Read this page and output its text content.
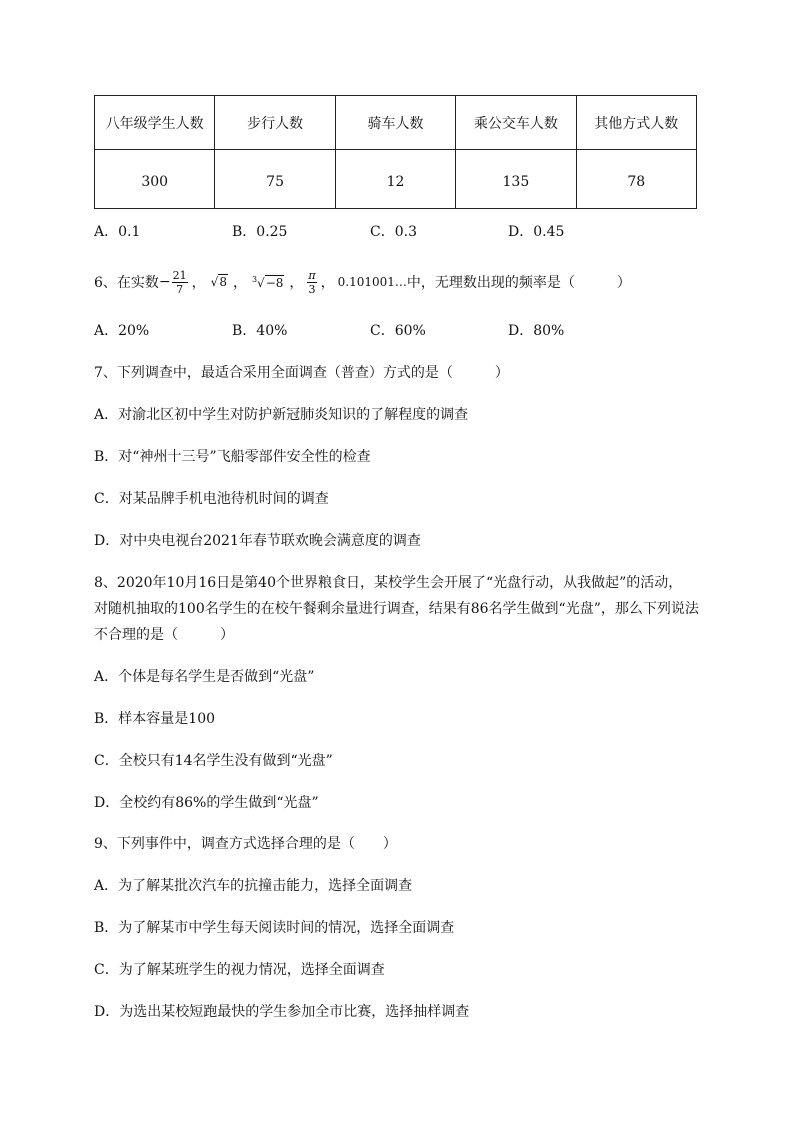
八年级学生人数	步行人数	骑车人数	乘公交车人数	其他方式人数
300	75	12	135	78
A．0.1	B．0.25	C．0.3	D．0.45
6、在实数 − $\frac{21}{7}$ ， √8 ， $^3$√−8 ， $\frac{\pi}{3}$ ， 0.101001… 中，无理数出现的频率是（　　　）
A．20%	B．40%	C．60%	D．80%
7、下列调查中，最适合采用全面调查（普查）方式的是（　　　）
A．对渝北区初中学生对防护新冠肺炎知识的了解程度的调查
B．对“神州十三号”飞船零部件安全性的检查
C．对某品牌手机电池待机时间的调查
D．对中央电视台2021年春节联欢晚会满意度的调查
8、2020年10月16日是第40个世界粮食日，某校学生会开展了“光盘行动，从我做起”的活动，
对随机抽取的100名学生的在校午餐剩余量进行调查，结果有86名学生做到“光盘”，那么下列说法
不合理的是（　　　）
A．个体是每名学生是否做到“光盘”
B．样本容量是100
C．全校只有14名学生没有做到“光盘”
D．全校约有86%的学生做到“光盘”
9、下列事件中，调查方式选择合理的是（　　）
A．为了解某批次汽车的抗撞击能力，选择全面调查
B．为了解某市中学生每天阅读时间的情况，选择全面调查
C．为了解某班学生的视力情况，选择全面调查
D．为选出某校短跑最快的学生参加全市比赛，选择抽样调查
